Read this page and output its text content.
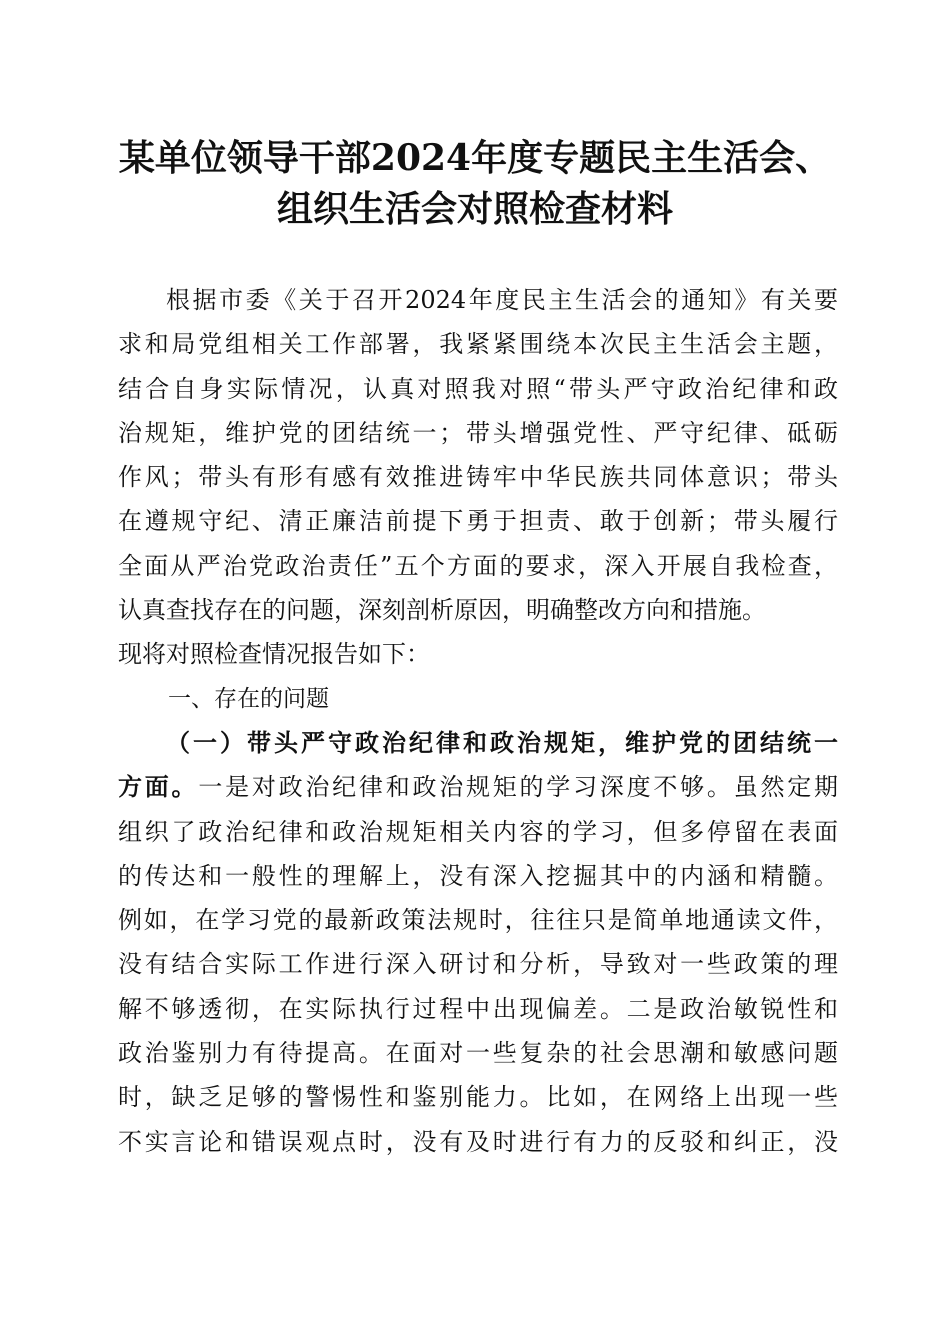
某单位领导干部2024年度专题民主生活会、
组织生活会对照检查材料
根据市委《关于召开2024年度民主生活会的通知》有关要
求和局党组相关工作部署，我紧紧围绕本次民主生活会主题，
结合自身实际情况，认真对照我对照“带头严守政治纪律和政
治规矩，维护党的团结统一；带头增强党性、严守纪律、砥砺
作风；带头有形有感有效推进铸牢中华民族共同体意识；带头
在遵规守纪、清正廉洁前提下勇于担责、敢于创新；带头履行
全面从严治党政治责任”五个方面的要求，深入开展自我检查，
认真查找存在的问题，深刻剖析原因，明确整改方向和措施。
现将对照检查情况报告如下：
一、存在的问题
（一）带头严守政治纪律和政治规矩，维护党的团结统一
方面。一是对政治纪律和政治规矩的学习深度不够。虽然定期
组织了政治纪律和政治规矩相关内容的学习，但多停留在表面
的传达和一般性的理解上，没有深入挖掘其中的内涵和精髓。
例如，在学习党的最新政策法规时，往往只是简单地通读文件，
没有结合实际工作进行深入研讨和分析，导致对一些政策的理
解不够透彻，在实际执行过程中出现偏差。二是政治敏锐性和
政治鉴别力有待提高。在面对一些复杂的社会思潮和敏感问题
时，缺乏足够的警惕性和鉴别能力。比如，在网络上出现一些
不实言论和错误观点时，没有及时进行有力的反驳和纠正，没
